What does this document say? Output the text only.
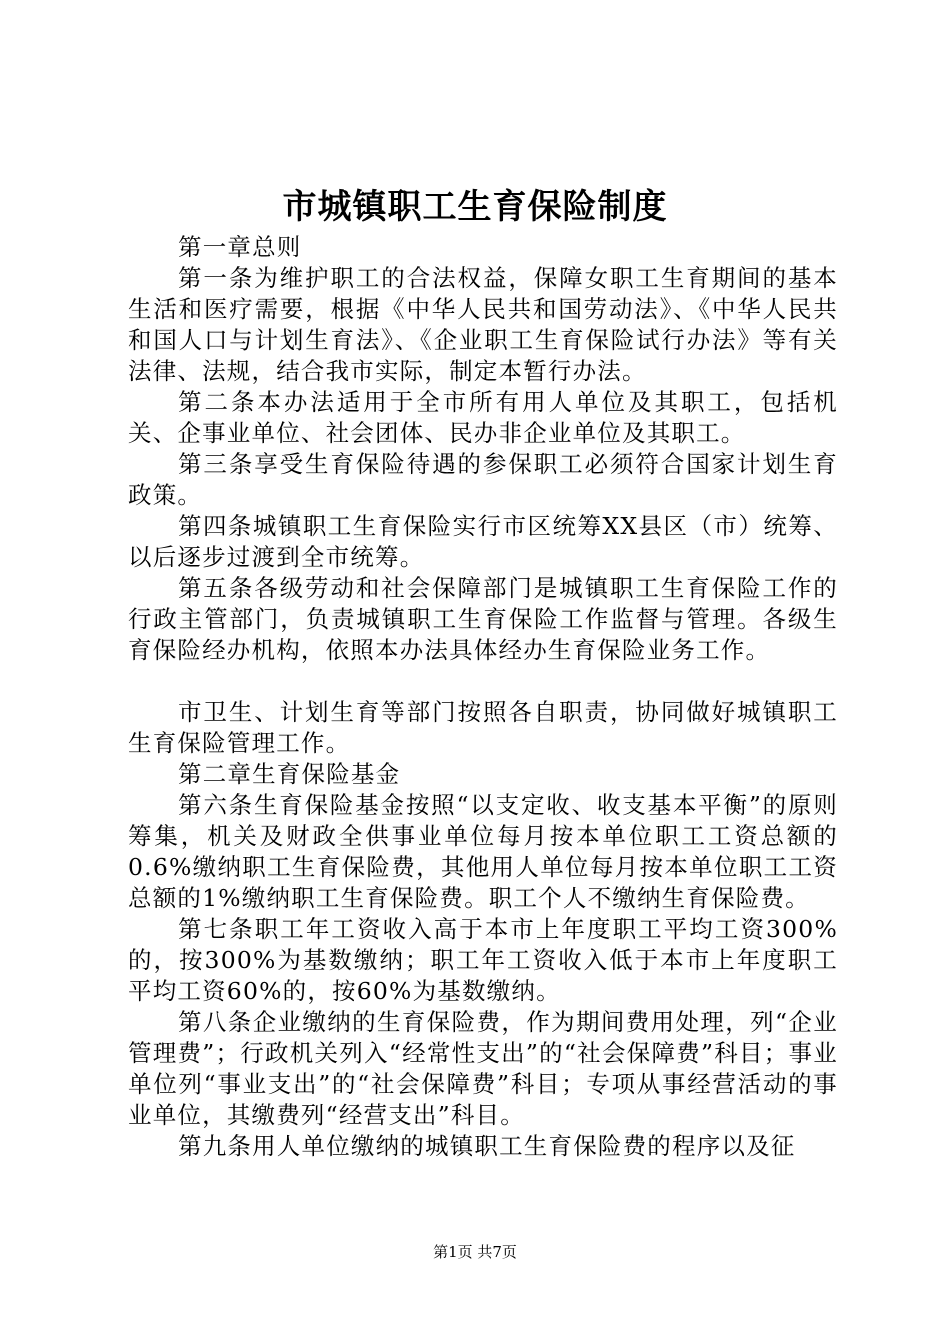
市城镇职工生育保险制度

第一章总则

第一条为维护职工的合法权益，保障女职工生育期间的基本生活和医疗需要，根据《中华人民共和国劳动法》、《中华人民共和国人口与计划生育法》、《企业职工生育保险试行办法》等有关法律、法规，结合我市实际，制定本暂行办法。

第二条本办法适用于全市所有用人单位及其职工，包括机关、企事业单位、社会团体、民办非企业单位及其职工。

第三条享受生育保险待遇的参保职工必须符合国家计划生育政策。

第四条城镇职工生育保险实行市区统筹XX县区（市）统筹、以后逐步过渡到全市统筹。

第五条各级劳动和社会保障部门是城镇职工生育保险工作的行政主管部门，负责城镇职工生育保险工作监督与管理。各级生育保险经办机构，依照本办法具体经办生育保险业务工作。

市卫生、计划生育等部门按照各自职责，协同做好城镇职工生育保险管理工作。

第二章生育保险基金

第六条生育保险基金按照“以支定收、收支基本平衡”的原则筹集，机关及财政全供事业单位每月按本单位职工工资总额的0.6%缴纳职工生育保险费，其他用人单位每月按本单位职工工资总额的1%缴纳职工生育保险费。职工个人不缴纳生育保险费。

第七条职工年工资收入高于本市上年度职工平均工资300%的，按300%为基数缴纳；职工年工资收入低于本市上年度职工平均工资60%的，按60%为基数缴纳。

第八条企业缴纳的生育保险费，作为期间费用处理，列“企业管理费”；行政机关列入“经常性支出”的“社会保障费”科目；事业单位列“事业支出”的“社会保障费”科目；专项从事经营活动的事业单位，其缴费列“经营支出”科目。

第九条用人单位缴纳的城镇职工生育保险费的程序以及征

第1页 共7页
